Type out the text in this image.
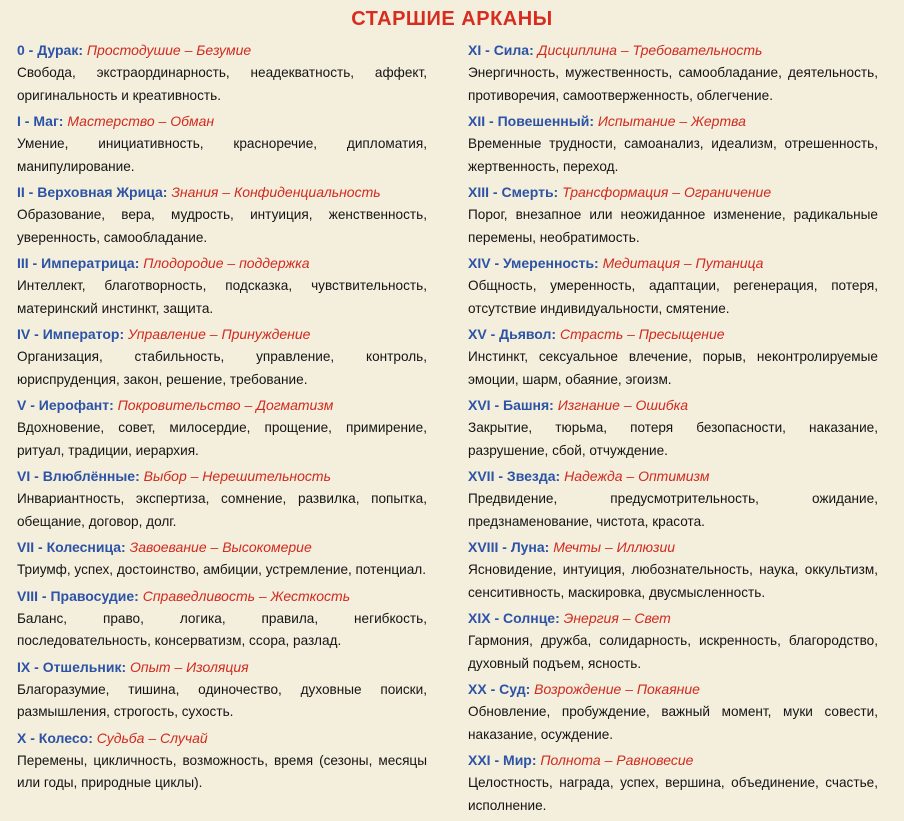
СТАРШИЕ АРКАНЫ
0 - Дурак: Простодушие – Безумие
Свобода, экстраординарность, неадекватность, аффект, оригинальность и креативность.
I - Маг: Мастерство – Обман
Умение, инициативность, красноречие, дипломатия, манипулирование.
II - Верховная Жрица: Знания – Конфиденциальность
Образование, вера, мудрость, интуиция, женственность, уверенность, самообладание.
III - Императрица: Плодородие – поддержка
Интеллект, благотворность, подсказка, чувствительность, материнский инстинкт, защита.
IV - Император: Управление – Принуждение
Организация, стабильность, управление, контроль, юриспруденция, закон, решение, требование.
V - Иерофант: Покровительство – Догматизм
Вдохновение, совет, милосердие, прощение, примирение, ритуал, традиции, иерархия.
VI - Влюблённые: Выбор – Нерешительность
Инвариантность, экспертиза, сомнение, развилка, попытка, обещание, договор, долг.
VII - Колесница: Завоевание – Высокомерие
Триумф, успех, достоинство, амбиции, устремление, потенциал.
VIII - Правосудие: Справедливость – Жесткость
Баланс, право, логика, правила, негибкость, последовательность, консерватизм, ссора, разлад.
IX - Отшельник: Опыт – Изоляция
Благоразумие, тишина, одиночество, духовные поиски, размышления, строгость, сухость.
X - Колесо: Судьба – Случай
Перемены, цикличность, возможность, время (сезоны, месяцы или годы, природные циклы).
XI - Сила: Дисциплина – Требовательность
Энергичность, мужественность, самообладание, деятельность, противоречия, самоотверженность, облегчение.
XII - Повешенный: Испытание – Жертва
Временные трудности, самоанализ, идеализм, отрешенность, жертвенность, переход.
XIII - Смерть: Трансформация – Ограничение
Порог, внезапное или неожиданное изменение, радикальные перемены, необратимость.
XIV - Умеренность: Медитация – Путаница
Общность, умеренность, адаптации, регенерация, потеря, отсутствие индивидуальности, смятение.
XV - Дьявол: Страсть – Пресыщение
Инстинкт, сексуальное влечение, порыв, неконтролируемые эмоции, шарм, обаяние, эгоизм.
XVI - Башня: Изгнание – Ошибка
Закрытие, тюрьма, потеря безопасности, наказание, разрушение, сбой, отчуждение.
XVII - Звезда: Надежда – Оптимизм
Предвидение, предусмотрительность, ожидание, предзнаменование, чистота, красота.
XVIII - Луна: Мечты – Иллюзии
Ясновидение, интуиция, любознательность, наука, оккультизм, сенситивность, маскировка, двусмысленность.
XIX - Солнце: Энергия – Свет
Гармония, дружба, солидарность, искренность, благородство, духовный подъем, ясность.
XX - Суд: Возрождение – Покаяние
Обновление, пробуждение, важный момент, муки совести, наказание, осуждение.
XXI - Мир: Полнота – Равновесие
Целостность, награда, успех, вершина, объединение, счастье, исполнение.
